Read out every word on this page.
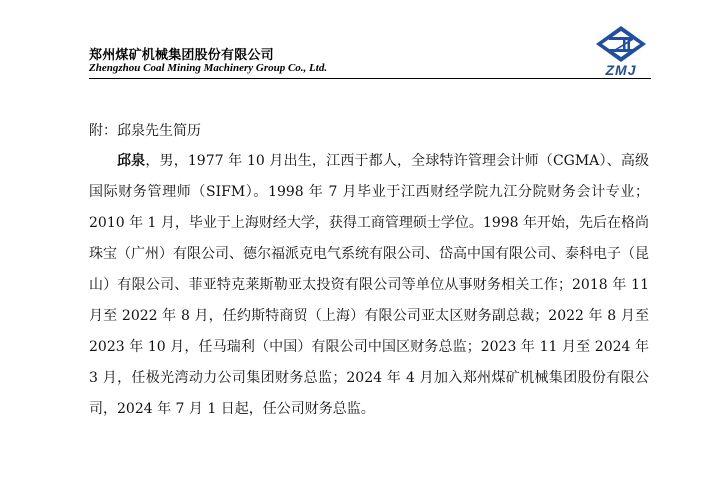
郑州煤矿机械集团股份有限公司
Zhengzhou Coal Mining Machinery Group Co., Ltd.	ZMJ

附：邱泉先生简历

邱泉，男，1977 年 10 月出生，江西于都人，全球特许管理会计师（CGMA）、高级国际财务管理师（SIFM）。1998 年 7 月毕业于江西财经学院九江分院财务会计专业；2010 年 1 月，毕业于上海财经大学，获得工商管理硕士学位。1998 年开始，先后在格尚珠宝（广州）有限公司、德尔福派克电气系统有限公司、岱高中国有限公司、泰科电子（昆山）有限公司、菲亚特克莱斯勒亚太投资有限公司等单位从事财务相关工作；2018 年 11 月至 2022 年 8 月，任约斯特商贸（上海）有限公司亚太区财务副总裁；2022 年 8 月至 2023 年 10 月，任马瑞利（中国）有限公司中国区财务总监；2023 年 11 月至 2024 年 3 月，任极光湾动力公司集团财务总监；2024 年 4 月加入郑州煤矿机械集团股份有限公司，2024 年 7 月 1 日起，任公司财务总监。
